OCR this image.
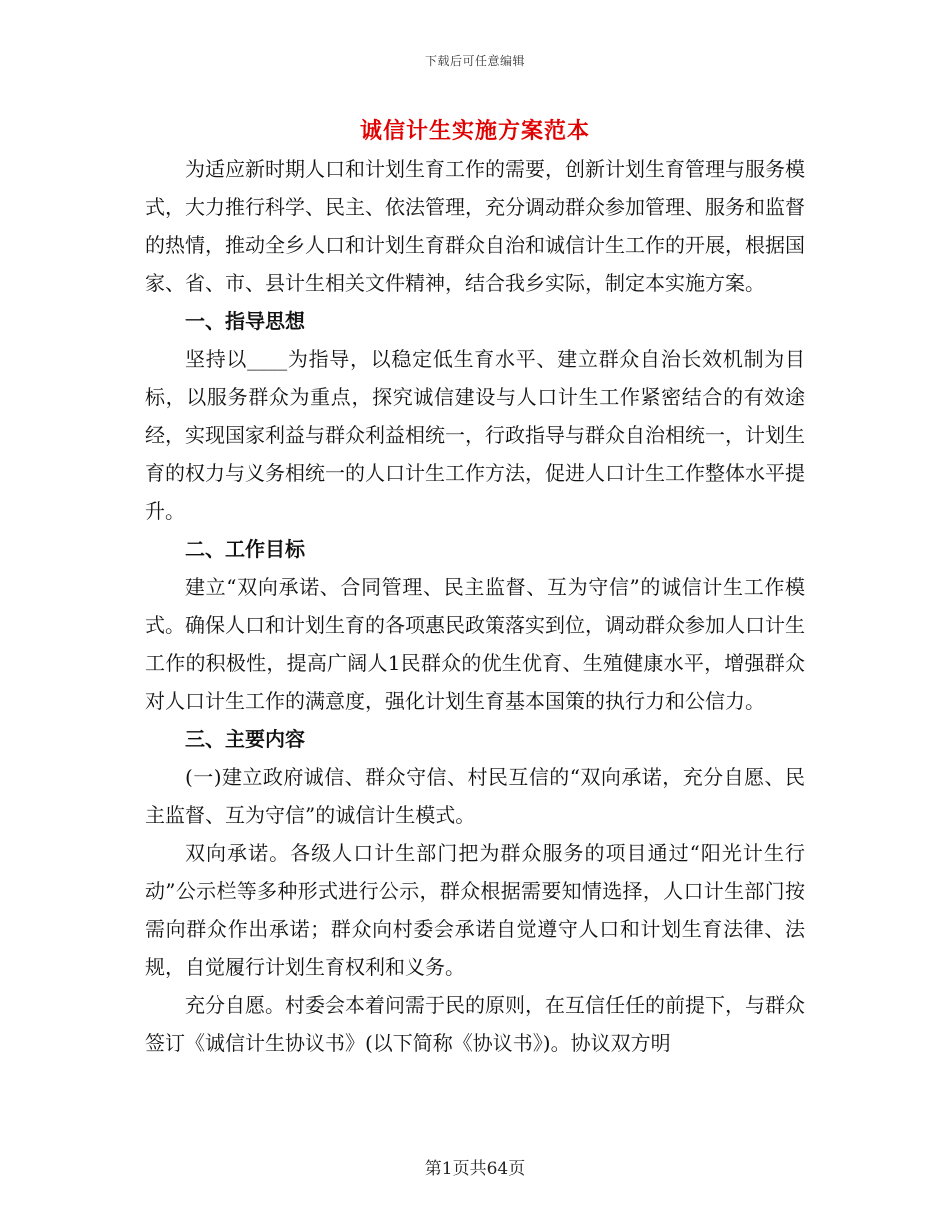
下载后可任意编辑
诚信计生实施方案范本

为适应新时期人口和计划生育工作的需要，创新计划生育管理与服务模式，大力推行科学、民主、依法管理，充分调动群众参加管理、服务和监督的热情，推动全乡人口和计划生育群众自治和诚信计生工作的开展，根据国家、省、市、县计生相关文件精神，结合我乡实际，制定本实施方案。

一、指导思想

坚持以____为指导，以稳定低生育水平、建立群众自治长效机制为目标，以服务群众为重点，探究诚信建设与人口计生工作紧密结合的有效途经，实现国家利益与群众利益相统一，行政指导与群众自治相统一，计划生育的权力与义务相统一的人口计生工作方法，促进人口计生工作整体水平提升。

二、工作目标

建立“双向承诺、合同管理、民主监督、互为守信”的诚信计生工作模式。确保人口和计划生育的各项惠民政策落实到位，调动群众参加人口计生工作的积极性，提高广阔人1民群众的优生优育、生殖健康水平，增强群众对人口计生工作的满意度，强化计划生育基本国策的执行力和公信力。

三、主要内容

(一)建立政府诚信、群众守信、村民互信的“双向承诺，充分自愿、民主监督、互为守信”的诚信计生模式。

双向承诺。各级人口计生部门把为群众服务的项目通过“阳光计生行动”公示栏等多种形式进行公示，群众根据需要知情选择，人口计生部门按需向群众作出承诺；群众向村委会承诺自觉遵守人口和计划生育法律、法规，自觉履行计划生育权利和义务。

充分自愿。村委会本着问需于民的原则，在互信任任的前提下，与群众签订《诚信计生协议书》(以下简称《协议书》)。协议双方明

第1页共64页
